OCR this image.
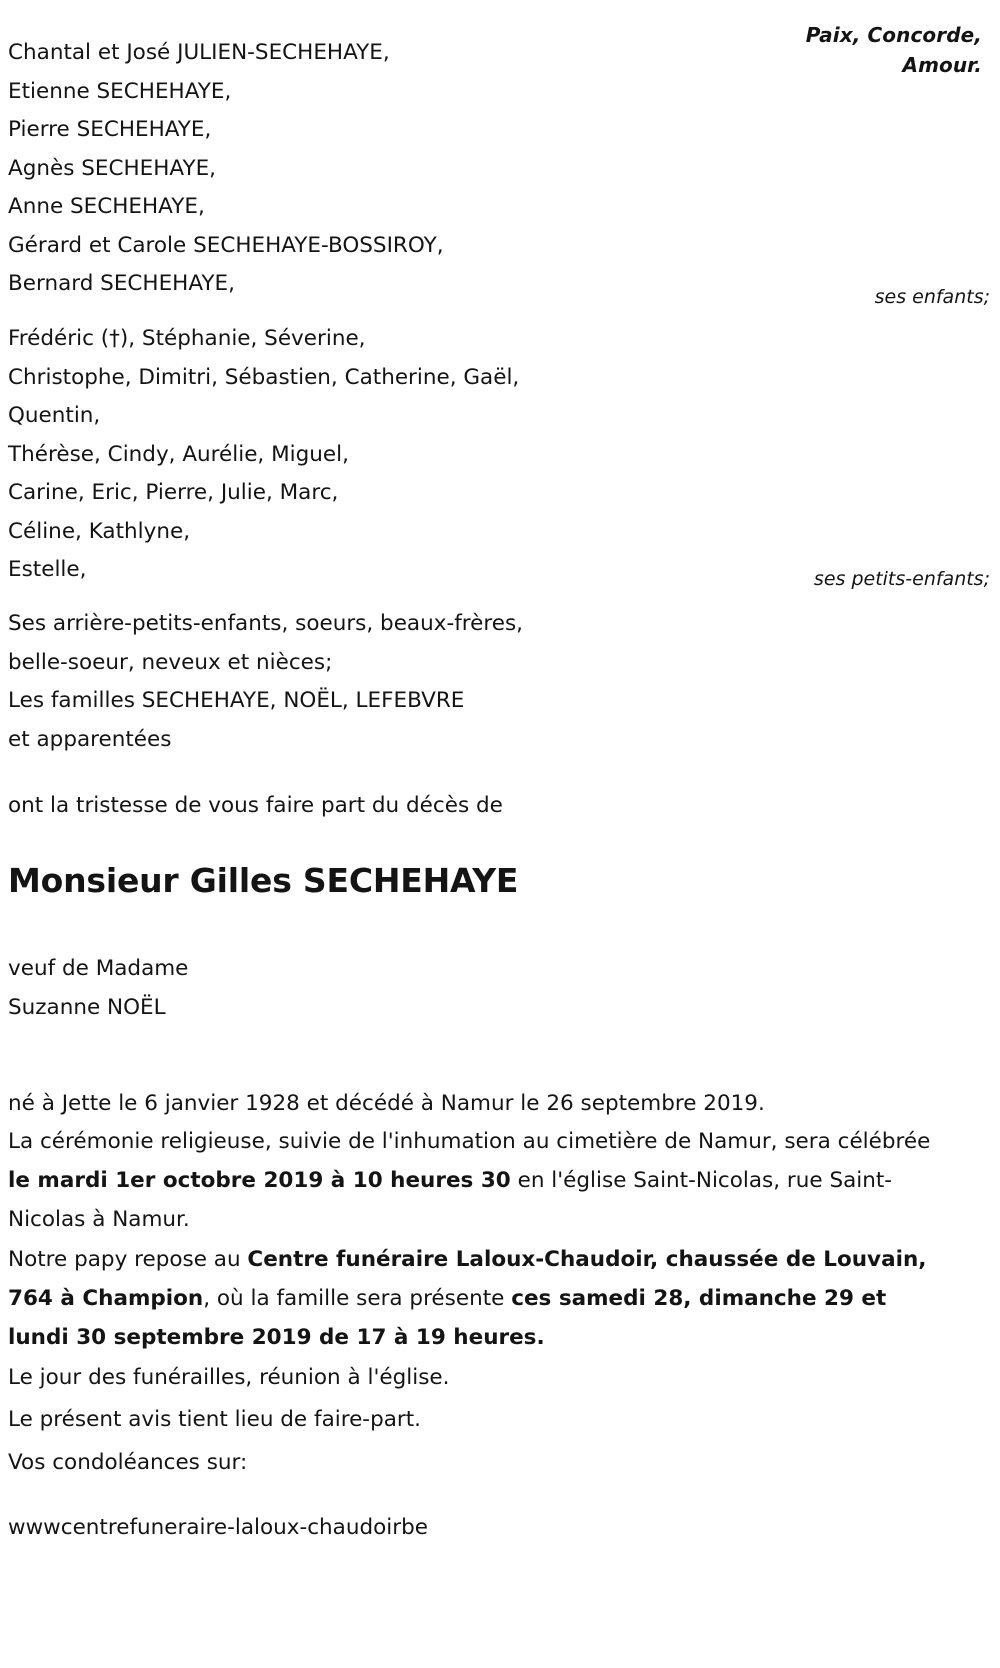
Paix, Concorde,
Amour.
Chantal et José JULIEN-SECHEHAYE,
Etienne SECHEHAYE,
Pierre SECHEHAYE,
Agnès SECHEHAYE,
Anne SECHEHAYE,
Gérard et Carole SECHEHAYE-BOSSIROY,
Bernard SECHEHAYE,
ses enfants;
Frédéric (†), Stéphanie, Séverine,
Christophe, Dimitri, Sébastien, Catherine, Gaël,
Quentin,
Thérèse, Cindy, Aurélie, Miguel,
Carine, Eric, Pierre, Julie, Marc,
Céline, Kathlyne,
Estelle,	ses petits-enfants;
Ses arrière-petits-enfants, soeurs, beaux-frères,
belle-soeur, neveux et nièces;
Les familles SECHEHAYE, NOËL, LEFEBVRE
et apparentées
ont la tristesse de vous faire part du décès de
Monsieur Gilles SECHEHAYE
veuf de Madame
Suzanne NOËL
né à Jette le 6 janvier 1928 et décédé à Namur le 26 septembre 2019.
La cérémonie religieuse, suivie de l'inhumation au cimetière de Namur, sera célébrée le mardi 1er octobre 2019 à 10 heures 30 en l'église Saint-Nicolas, rue Saint-Nicolas à Namur.
Notre papy repose au Centre funéraire Laloux-Chaudoir, chaussée de Louvain, 764 à Champion, où la famille sera présente ces samedi 28, dimanche 29 et lundi 30 septembre 2019 de 17 à 19 heures.
Le jour des funérailles, réunion à l'église.
Le présent avis tient lieu de faire-part.
Vos condoléances sur:
wwwcentrefuneraire-laloux-chaudoirbe
